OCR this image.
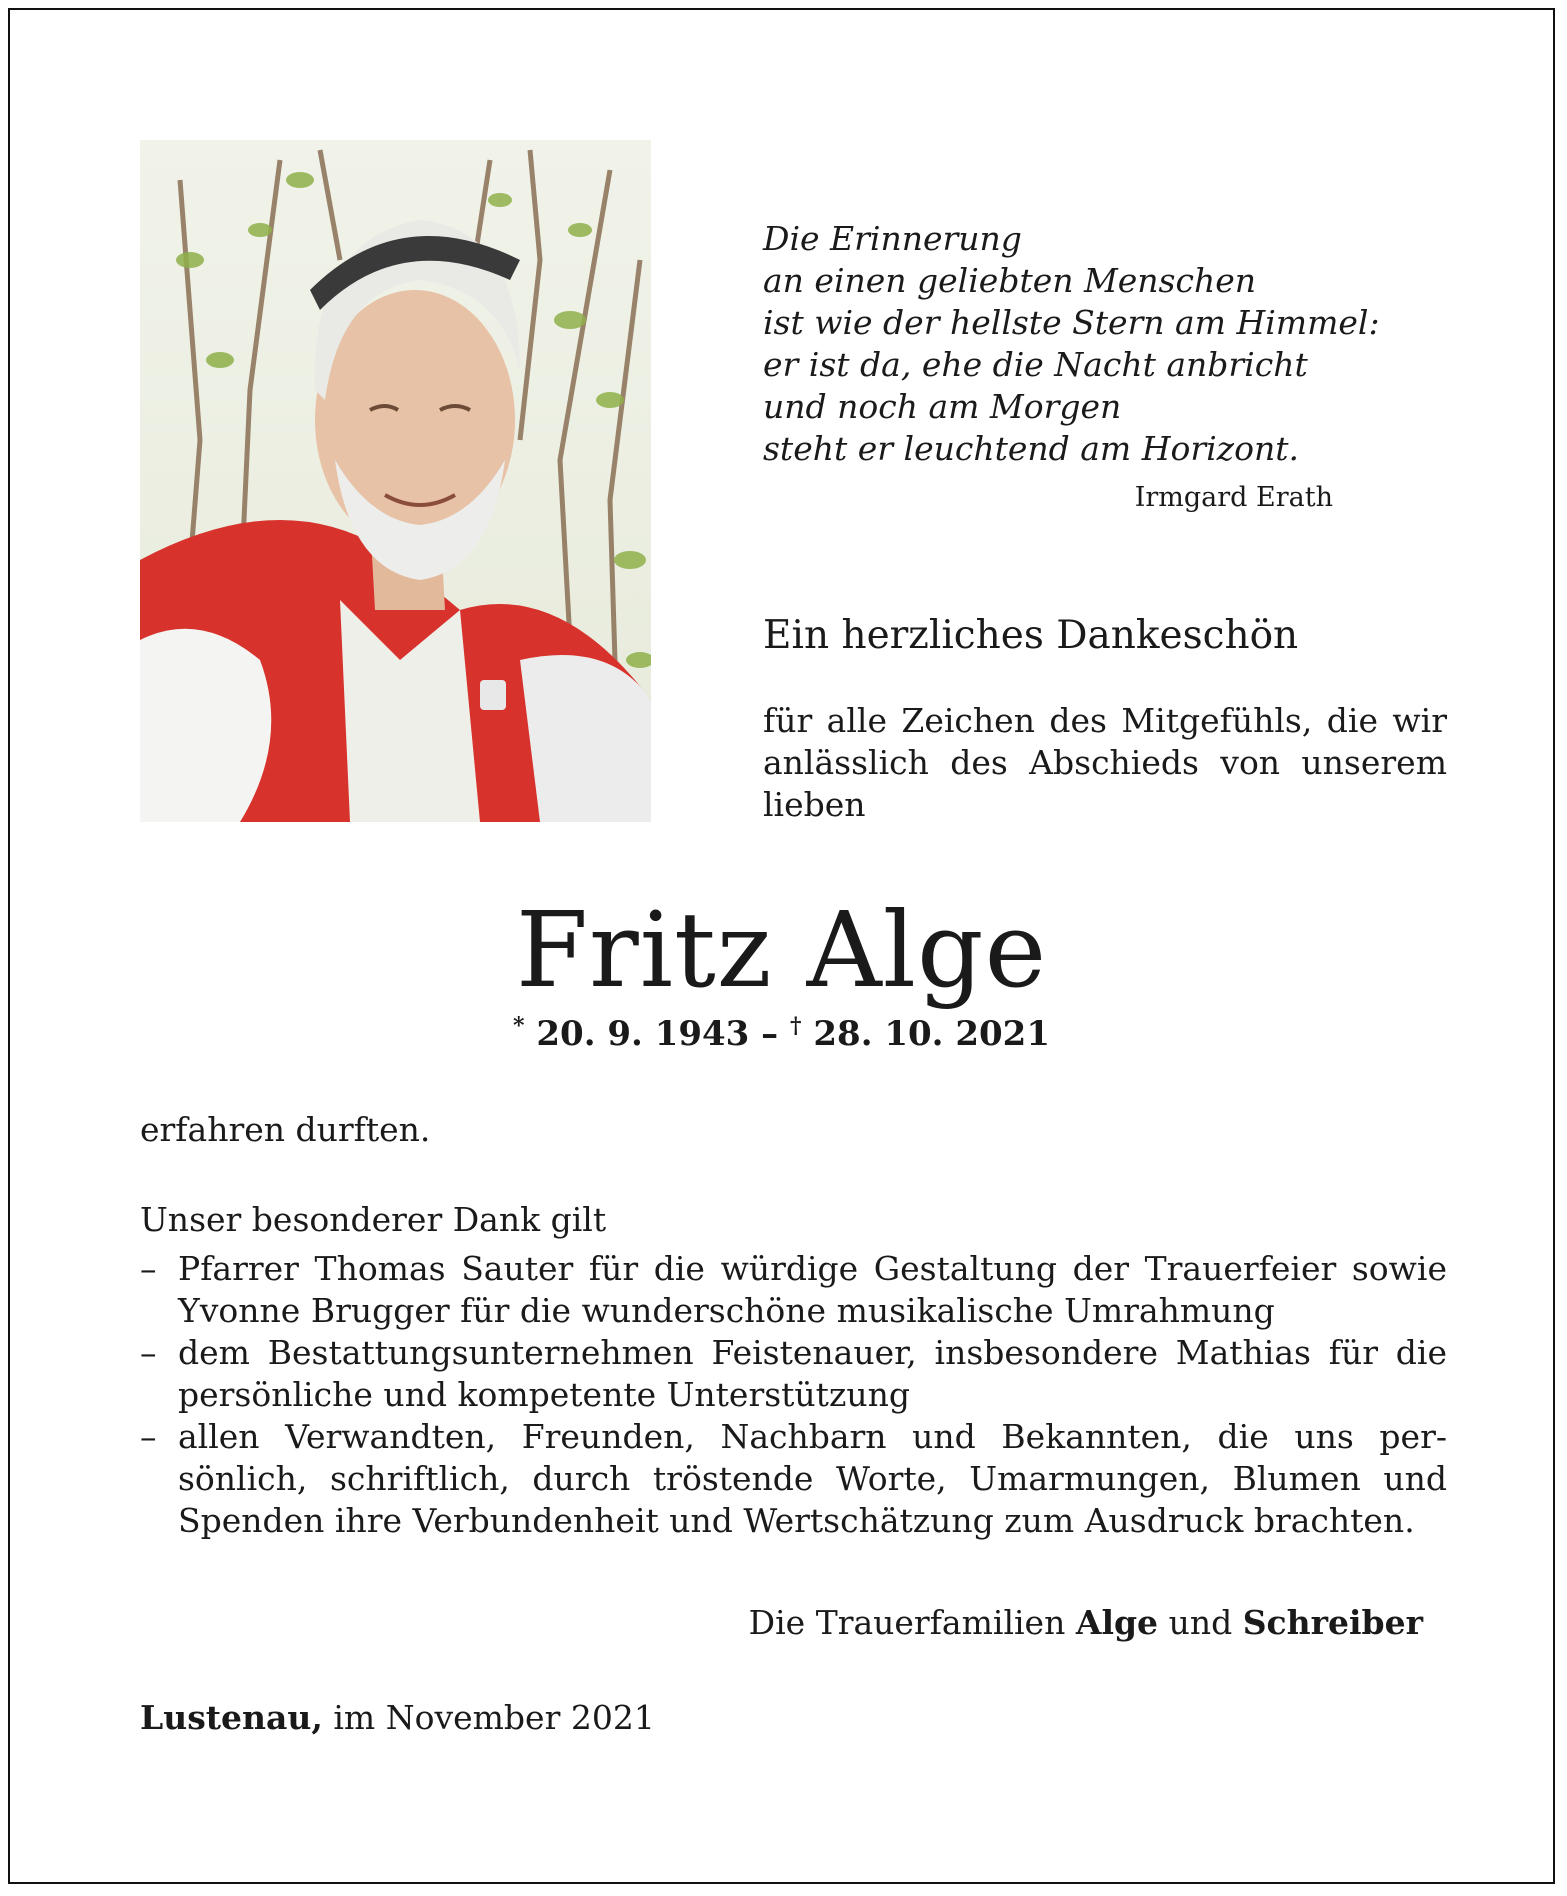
Die Erinnerung
an einen geliebten Menschen
ist wie der hellste Stern am Himmel:
er ist da, ehe die Nacht anbricht
und noch am Morgen
steht er leuchtend am Horizont.
Irmgard Erath
Ein herzliches Dankeschön
für alle Zeichen des Mitgefühls, die wir
anlässlich des Abschieds von unserem
lieben
Fritz Alge
* 20. 9. 1943 – † 28. 10. 2021
erfahren durften.
Unser besonderer Dank gilt
– Pfarrer Thomas Sauter für die würdige Gestaltung der Trauerfeier sowie
Yvonne Brugger für die wunderschöne musikalische Umrahmung
– dem Bestattungsunternehmen Feistenauer, insbesondere Mathias für die
persönliche und kompetente Unterstützung
– allen Verwandten, Freunden, Nachbarn und Bekannten, die uns per-
sönlich, schriftlich, durch tröstende Worte, Umarmungen, Blumen und
Spenden ihre Verbundenheit und Wertschätzung zum Ausdruck brachten.
Die Trauerfamilien Alge und Schreiber
Lustenau, im November 2021
